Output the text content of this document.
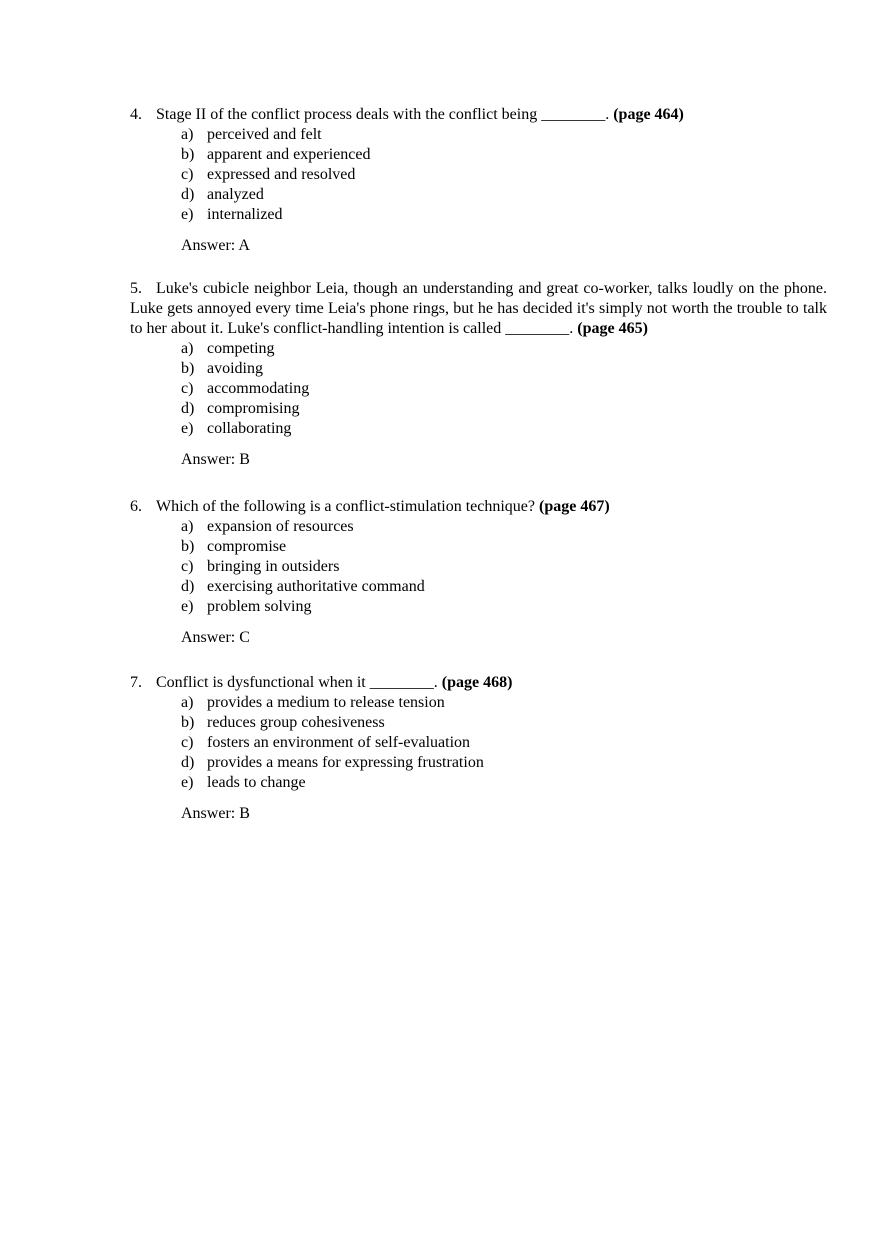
4. Stage II of the conflict process deals with the conflict being ________. (page 464)
a) perceived and felt
b) apparent and experienced
c) expressed and resolved
d) analyzed
e) internalized
Answer: A
5. Luke's cubicle neighbor Leia, though an understanding and great co-worker, talks loudly on the phone. Luke gets annoyed every time Leia's phone rings, but he has decided it's simply not worth the trouble to talk to her about it. Luke's conflict-handling intention is called ________. (page 465)
a) competing
b) avoiding
c) accommodating
d) compromising
e) collaborating
Answer: B
6. Which of the following is a conflict-stimulation technique? (page 467)
a) expansion of resources
b) compromise
c) bringing in outsiders
d) exercising authoritative command
e) problem solving
Answer: C
7. Conflict is dysfunctional when it ________. (page 468)
a) provides a medium to release tension
b) reduces group cohesiveness
c) fosters an environment of self-evaluation
d) provides a means for expressing frustration
e) leads to change
Answer: B
